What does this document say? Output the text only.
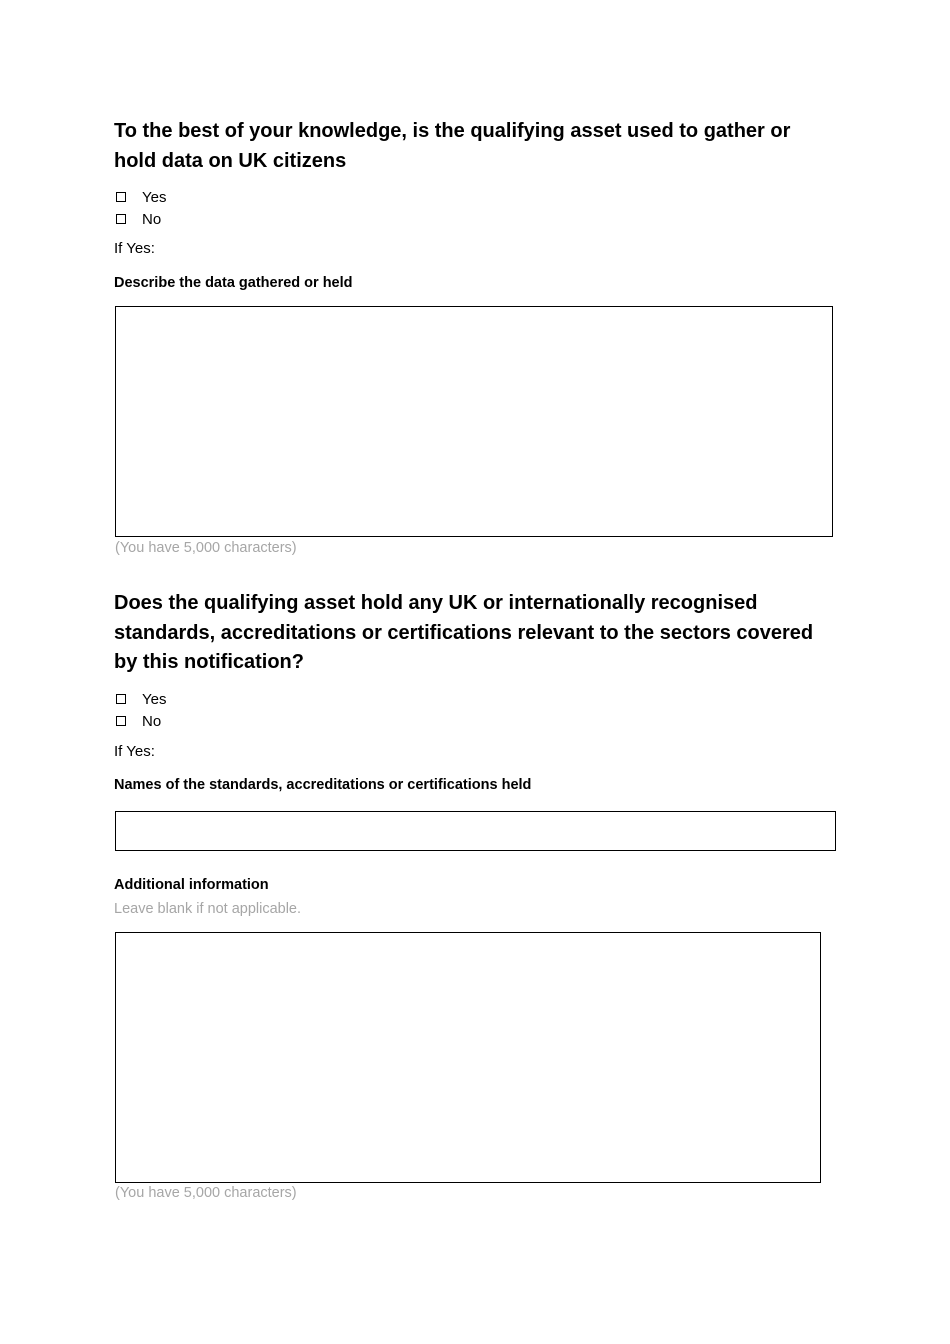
To the best of your knowledge, is the qualifying asset used to gather or hold data on UK citizens
Yes
No
If Yes:
Describe the data gathered or held
(You have 5,000 characters)
Does the qualifying asset hold any UK or internationally recognised standards, accreditations or certifications relevant to the sectors covered by this notification?
Yes
No
If Yes:
Names of the standards, accreditations or certifications held
Additional information
Leave blank if not applicable.
(You have 5,000 characters)
